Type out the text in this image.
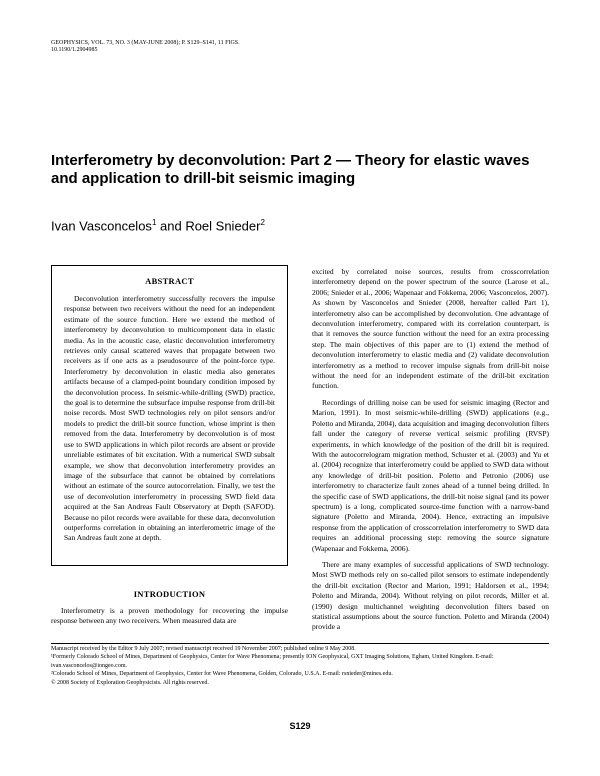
GEOPHYSICS, VOL. 73, NO. 3 (MAY-JUNE 2008); P. S129–S141, 11 FIGS.
10.1190/1.2904985
Interferometry by deconvolution: Part 2 — Theory for elastic waves and application to drill-bit seismic imaging
Ivan Vasconcelos$^1$ and Roel Snieder$^2$
ABSTRACT

Deconvolution interferometry successfully recovers the impulse response between two receivers without the need for an independent estimate of the source function. Here we extend the method of interferometry by deconvolution to multicomponent data in elastic media. As in the acoustic case, elastic deconvolution interferometry retrieves only causal scattered waves that propagate between two receivers as if one acts as a pseudosource of the point-force type. Interferometry by deconvolution in elastic media also generates artifacts because of a clamped-point boundary condition imposed by the deconvolution process. In seismic-while-drilling (SWD) practice, the goal is to determine the subsurface impulse response from drill-bit noise records. Most SWD technologies rely on pilot sensors and/or models to predict the drill-bit source function, whose imprint is then removed from the data. Interferometry by deconvolution is of most use to SWD applications in which pilot records are absent or provide unreliable estimates of bit excitation. With a numerical SWD subsalt example, we show that deconvolution interferometry provides an image of the subsurface that cannot be obtained by correlations without an estimate of the source autocorrelation. Finally, we test the use of deconvolution interferometry in processing SWD field data acquired at the San Andreas Fault Observatory at Depth (SAFOD). Because no pilot records were available for these data, deconvolution outperforms correlation in obtaining an interferometric image of the San Andreas fault zone at depth.

INTRODUCTION

Interferometry is a proven methodology for recovering the impulse response between any two receivers. When measured data are

excited by correlated noise sources, results from crosscorrelation interferometry depend on the power spectrum of the source (Larose et al., 2006; Snieder et al., 2006; Wapenaar and Fokkema, 2006; Vasconcelos, 2007). As shown by Vasconcelos and Snieder (2008, hereafter called Part 1), interferometry also can be accomplished by deconvolution. One advantage of deconvolution interferometry, compared with its correlation counterpart, is that it removes the source function without the need for an extra processing step. The main objectives of this paper are to (1) extend the method of deconvolution interferometry to elastic media and (2) validate deconvolution interferometry as a method to recover impulse signals from drill-bit noise without the need for an independent estimate of the drill-bit excitation function.

Recordings of drilling noise can be used for seismic imaging (Rector and Marion, 1991). In most seismic-while-drilling (SWD) applications (e.g., Poletto and Miranda, 2004), data acquisition and imaging deconvolution filters fall under the category of reverse vertical seismic profiling (RVSP) experiments, in which knowledge of the position of the drill bit is required. With the autocorrelogram migration method, Schuster et al. (2003) and Yu et al. (2004) recognize that interferometry could be applied to SWD data without any knowledge of drill-bit position. Poletto and Petronio (2006) use interferometry to characterize fault zones ahead of a tunnel being drilled. In the specific case of SWD applications, the drill-bit noise signal (and its power spectrum) is a long, complicated source-time function with a narrow-band signature (Poletto and Miranda, 2004). Hence, extracting an impulsive response from the application of crosscorrelation interferometry to SWD data requires an additional processing step: removing the source signature (Wapenaar and Fokkema, 2006).

There are many examples of successful applications of SWD technology. Most SWD methods rely on so-called pilot sensors to estimate independently the drill-bit excitation (Rector and Marion, 1991; Haldorsen et al., 1994; Poletto and Miranda, 2004). Without relying on pilot records, Miller et al. (1990) design multichannel weighting deconvolution filters based on statistical assumptions about the source function. Poletto and Miranda (2004) provide a

Manuscript received by the Editor 9 July 2007; revised manuscript received 19 November 2007; published online 9 May 2008.
¹Formerly Colorado School of Mines, Department of Geophysics, Center for Wave Phenomena; presently ION Geophysical, GXT Imaging Solutions, Egham, United Kingdom. E-mail: ivan.vasconcelos@iongeo.com.
²Colorado School of Mines, Department of Geophysics, Center for Wave Phenomena, Golden, Colorado, U.S.A. E-mail: rsnieder@mines.edu.
© 2008 Society of Exploration Geophysicists. All rights reserved.
S129
